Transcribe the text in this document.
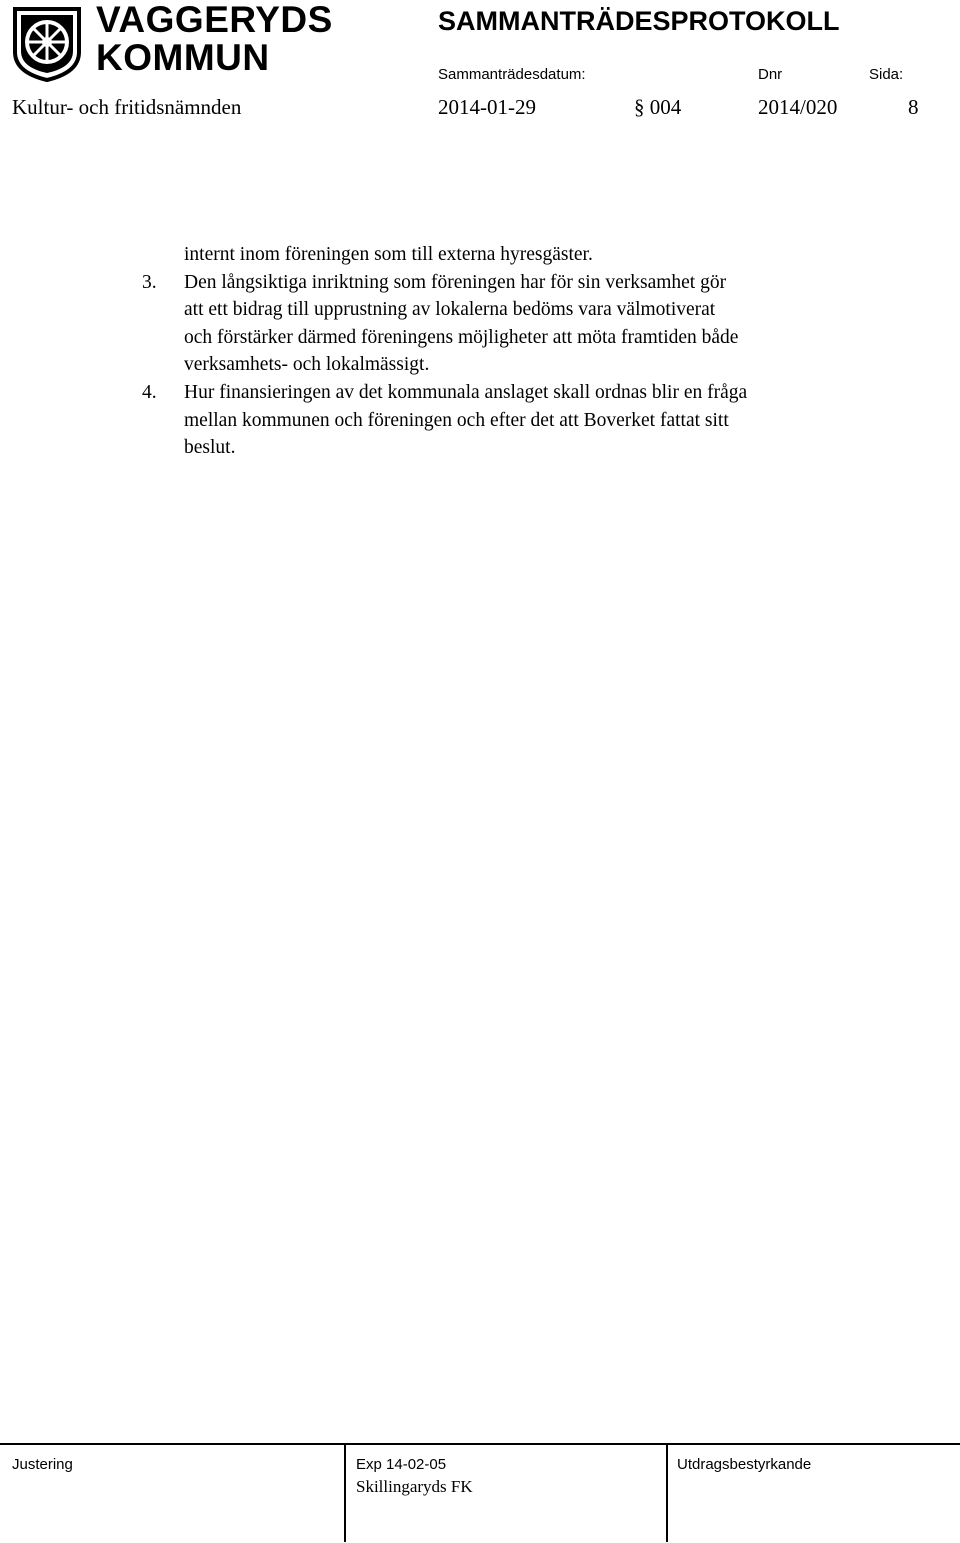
VAGGERYDS
KOMMUN
SAMMANTRÄDESPROTOKOLL
Sammanträdesdatum:	Dnr	Sida:
Kultur- och fritidsnämnden	2014-01-29	§ 004	2014/020	8
internt inom föreningen som till externa hyresgäster.
3. Den långsiktiga inriktning som föreningen har för sin verksamhet gör
att ett bidrag till upprustning av lokalerna bedöms vara välmotiverat
och förstärker därmed föreningens möjligheter att möta framtiden både
verksamhets- och lokalmässigt.
4. Hur finansieringen av det kommunala anslaget skall ordnas blir en fråga
mellan kommunen och föreningen och efter det att Boverket fattat sitt
beslut.
Justering	Exp 14-02-05
Skillingaryds FK
Utdragsbestyrkande
